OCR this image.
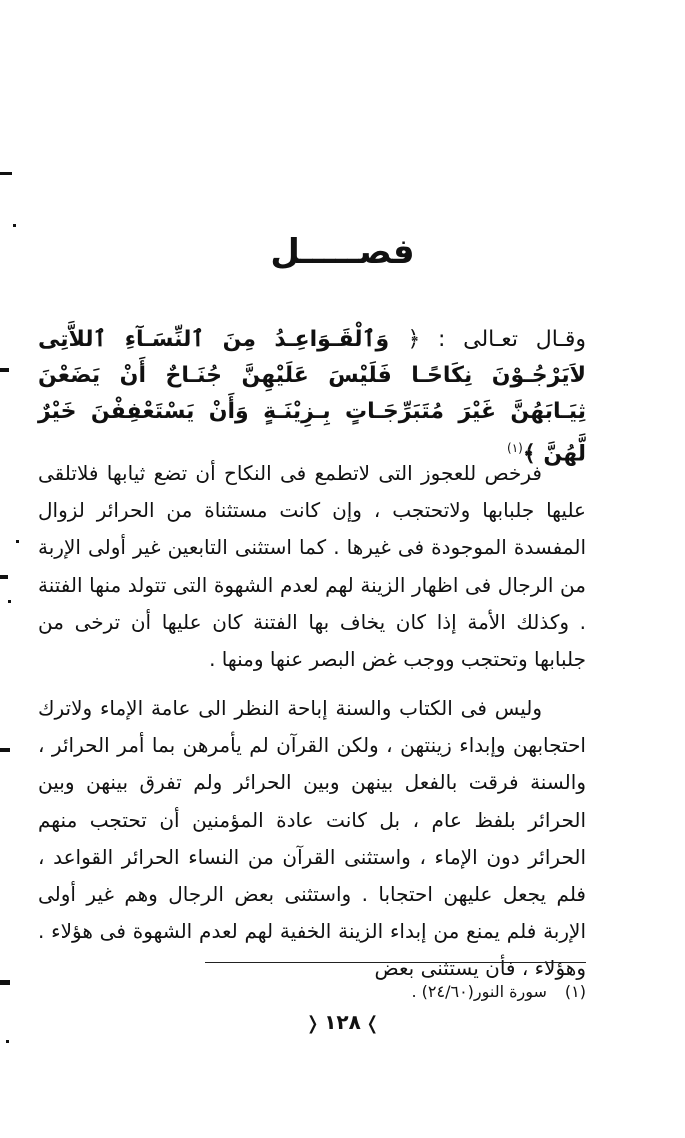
فصـــــل
وقـال تعـالى : ﴿ وَٱلْقَـوَاعِـدُ مِنَ ٱلنِّسَـآءِ ٱللاَّتِى لاَيَرْجُـوْنَ نِكَاحًـا فَلَيْسَ عَلَيْهِنَّ جُنَـاحٌ أَنْ يَضَعْنَ ثِيَـابَهُنَّ غَيْرَ مُتَبَرِّجَـاتٍ بِـزِيْنَـةٍ وَأَنْ يَسْتَعْفِفْنَ خَيْرٌ لَّهُنَّ ﴾$^{(١)}$
فرخص للعجوز التى لاتطمع فى النكاح أن تضع ثيابها فلاتلقى عليها جلبابها ولاتحتجب ، وإن كانت مستثناة من الحرائر لزوال المفسدة الموجودة فى غيرها . كما استثنى التابعين غير أولى الإربة من الرجال فى اظهار الزينة لهم لعدم الشهوة التى تتولد منها الفتنة . وكذلك الأمة إذا كان يخاف بها الفتنة كان عليها أن ترخى من جلبابها وتحتجب ووجب غض البصر عنها ومنها .
وليس فى الكتاب والسنة إباحة النظر الى عامة الإماء ولاترك احتجابهن وإبداء زينتهن ، ولكن القرآن لم يأمرهن بما أمر الحرائر ، والسنة فرقت بالفعل بينهن وبين الحرائر ولم تفرق بينهن وبين الحرائر بلفظ عام ، بل كانت عادة المؤمنين أن تحتجب منهم الحرائر دون الإماء ، واستثنى القرآن من النساء الحرائر القواعد ، فلم يجعل عليهن احتجابا . واستثنى بعض الرجال وهم غير أولى الإربة فلم يمنع من إبداء الزينة الخفية لهم لعدم الشهوة فى هؤلاء . وهؤلاء ، فأن يستثنى بعض
(١)سورة النور(٢٤/٦٠) .
❭١٢٨❬
